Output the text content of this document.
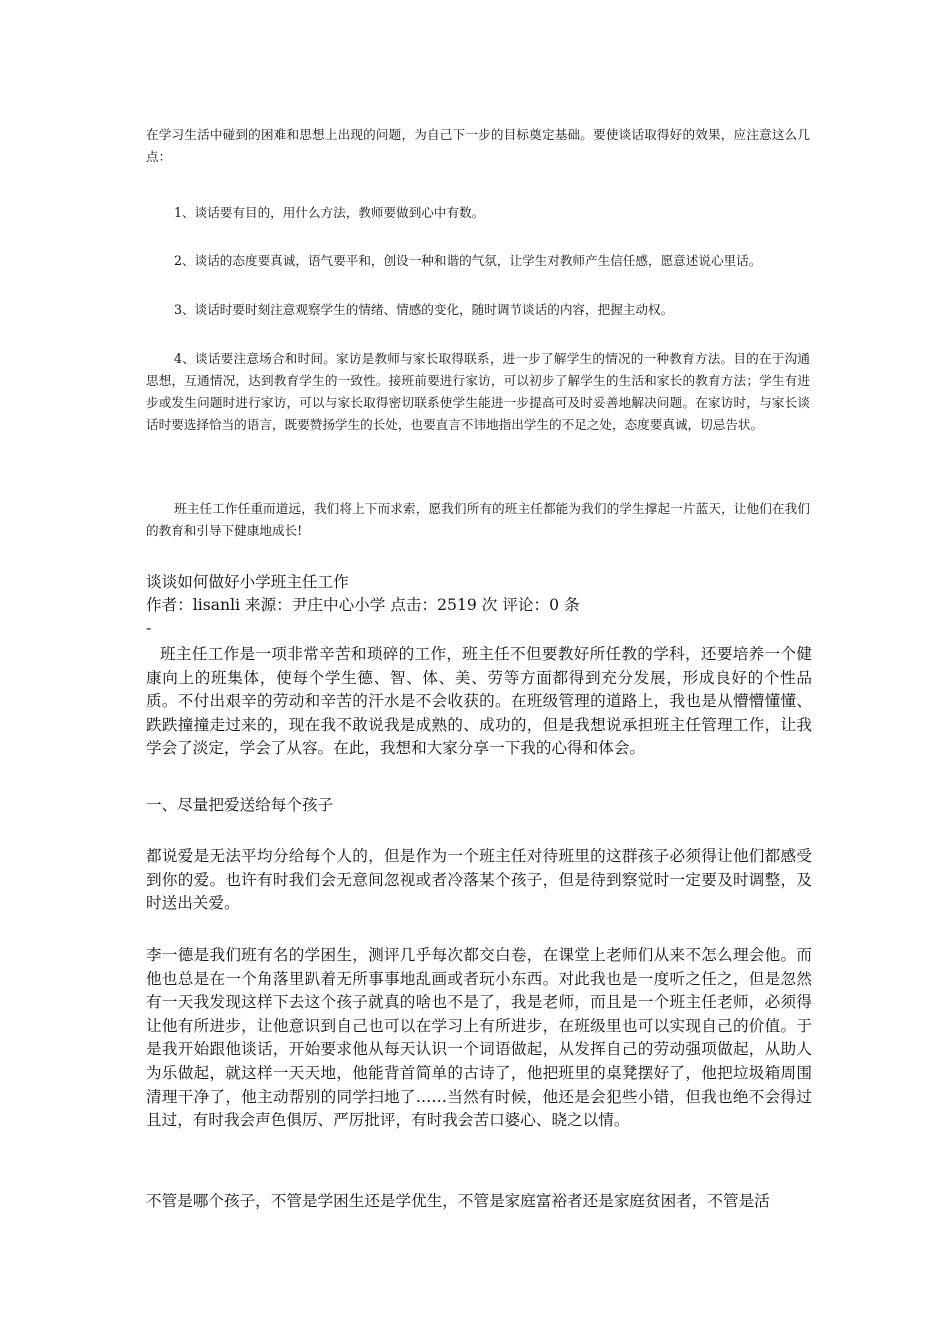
在学习生活中碰到的困难和思想上出现的问题，为自己下一步的目标奠定基础。要使谈话取得好的效果，应注意这么几点：

1、谈话要有目的，用什么方法，教师要做到心中有数。

2、谈话的态度要真诚，语气要平和，创设一种和谐的气氛，让学生对教师产生信任感，愿意述说心里话。

3、谈话时要时刻注意观察学生的情绪、情感的变化，随时调节谈话的内容，把握主动权。

4、谈话要注意场合和时间。家访是教师与家长取得联系，进一步了解学生的情况的一种教育方法。目的在于沟通思想，互通情况，达到教育学生的一致性。接班前要进行家访，可以初步了解学生的生活和家长的教育方法；学生有进步或发生问题时进行家访，可以与家长取得密切联系使学生能进一步提高可及时妥善地解决问题。在家访时，与家长谈话时要选择恰当的语言，既要赞扬学生的长处，也要直言不讳地指出学生的不足之处，态度要真诚，切忌告状。

班主任工作任重而道远，我们将上下而求索，愿我们所有的班主任都能为我们的学生撑起一片蓝天，让他们在我们的教育和引导下健康地成长!

谈谈如何做好小学班主任工作

作者：lisanli 来源：尹庄中心小学 点击：2519 次 评论：0 条

-

班主任工作是一项非常辛苦和琐碎的工作，班主任不但要教好所任教的学科，还要培养一个健康向上的班集体，使每个学生德、智、体、美、劳等方面都得到充分发展，形成良好的个性品质。不付出艰辛的劳动和辛苦的汗水是不会收获的。在班级管理的道路上，我也是从懵懵懂懂、跌跌撞撞走过来的，现在我不敢说我是成熟的、成功的，但是我想说承担班主任管理工作，让我学会了淡定，学会了从容。在此，我想和大家分享一下我的心得和体会。

一、尽量把爱送给每个孩子

都说爱是无法平均分给每个人的，但是作为一个班主任对待班里的这群孩子必须得让他们都感受到你的爱。也许有时我们会无意间忽视或者冷落某个孩子，但是待到察觉时一定要及时调整，及时送出关爱。

李一德是我们班有名的学困生，测评几乎每次都交白卷，在课堂上老师们从来不怎么理会他。而他也总是在一个角落里趴着无所事事地乱画或者玩小东西。对此我也是一度听之任之，但是忽然有一天我发现这样下去这个孩子就真的啥也不是了，我是老师，而且是一个班主任老师，必须得让他有所进步，让他意识到自己也可以在学习上有所进步，在班级里也可以实现自己的价值。于是我开始跟他谈话，开始要求他从每天认识一个词语做起，从发挥自己的劳动强项做起，从助人为乐做起，就这样一天天地，他能背首简单的古诗了，他把班里的桌凳摆好了，他把垃圾箱周围清理干净了，他主动帮别的同学扫地了……当然有时候，他还是会犯些小错，但我也绝不会得过且过，有时我会声色俱厉、严厉批评，有时我会苦口婆心、晓之以情。

不管是哪个孩子，不管是学困生还是学优生，不管是家庭富裕者还是家庭贫困者，不管是活
